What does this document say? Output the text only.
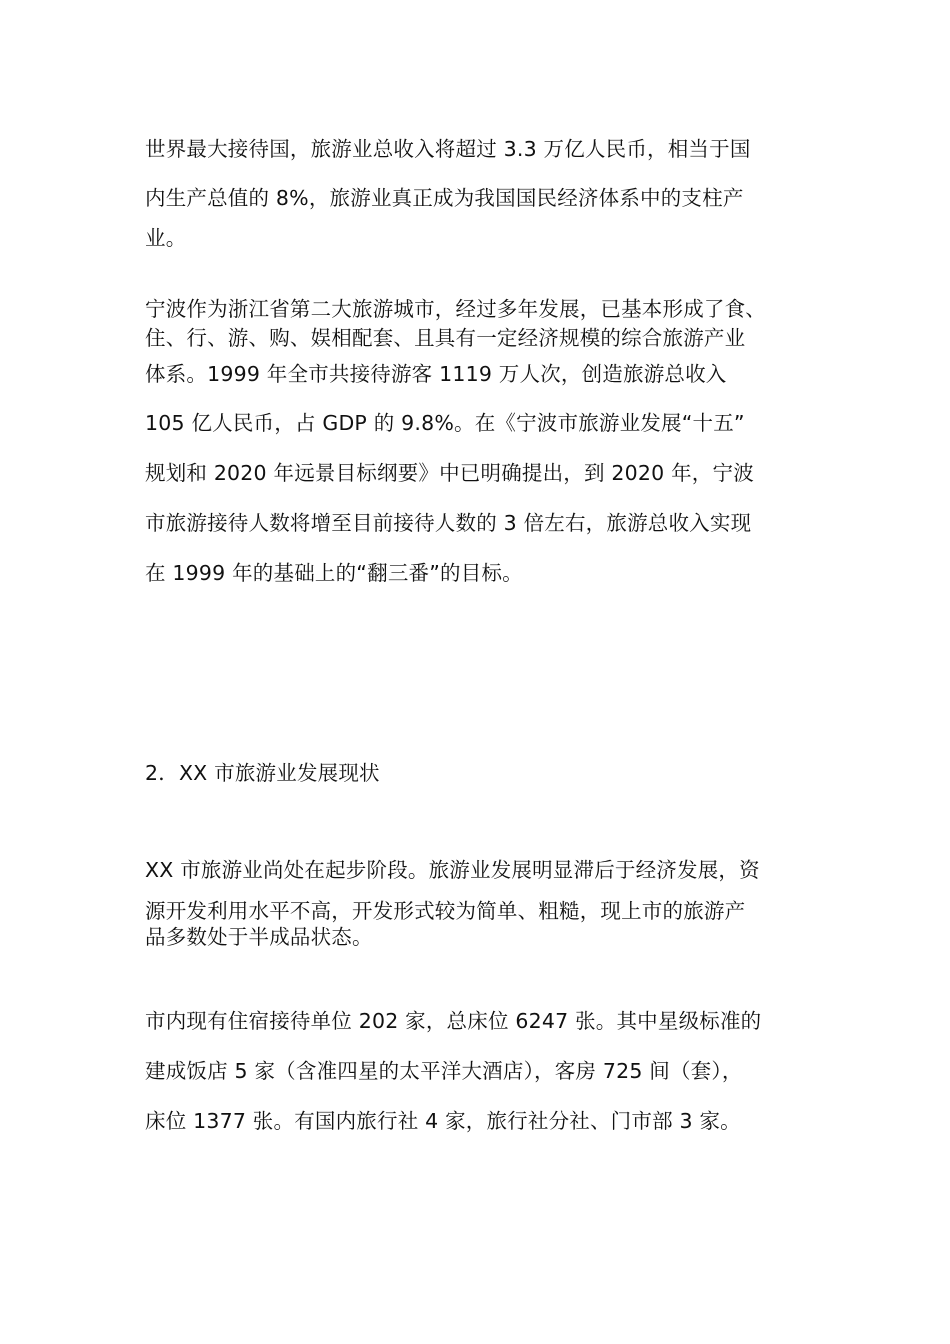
世界最大接待国，旅游业总收入将超过 3.3 万亿人民币，相当于国
内生产总值的 8%，旅游业真正成为我国国民经济体系中的支柱产
业。
宁波作为浙江省第二大旅游城市，经过多年发展，已基本形成了食、
住、行、游、购、娱相配套、且具有一定经济规模的综合旅游产业
体系。1999 年全市共接待游客 1119 万人次，创造旅游总收入
105 亿人民币，占 GDP 的 9.8%。在《宁波市旅游业发展“十五”
规划和 2020 年远景目标纲要》中已明确提出，到 2020 年，宁波
市旅游接待人数将增至目前接待人数的 3 倍左右，旅游总收入实现
在 1999 年的基础上的“翻三番”的目标。
2．XX 市旅游业发展现状
XX 市旅游业尚处在起步阶段。旅游业发展明显滞后于经济发展，资
源开发利用水平不高，开发形式较为简单、粗糙，现上市的旅游产
品多数处于半成品状态。
市内现有住宿接待单位 202 家，总床位 6247 张。其中星级标准的
建成饭店 5 家（含准四星的太平洋大酒店），客房 725 间（套），
床位 1377 张。有国内旅行社 4 家，旅行社分社、门市部 3 家。
